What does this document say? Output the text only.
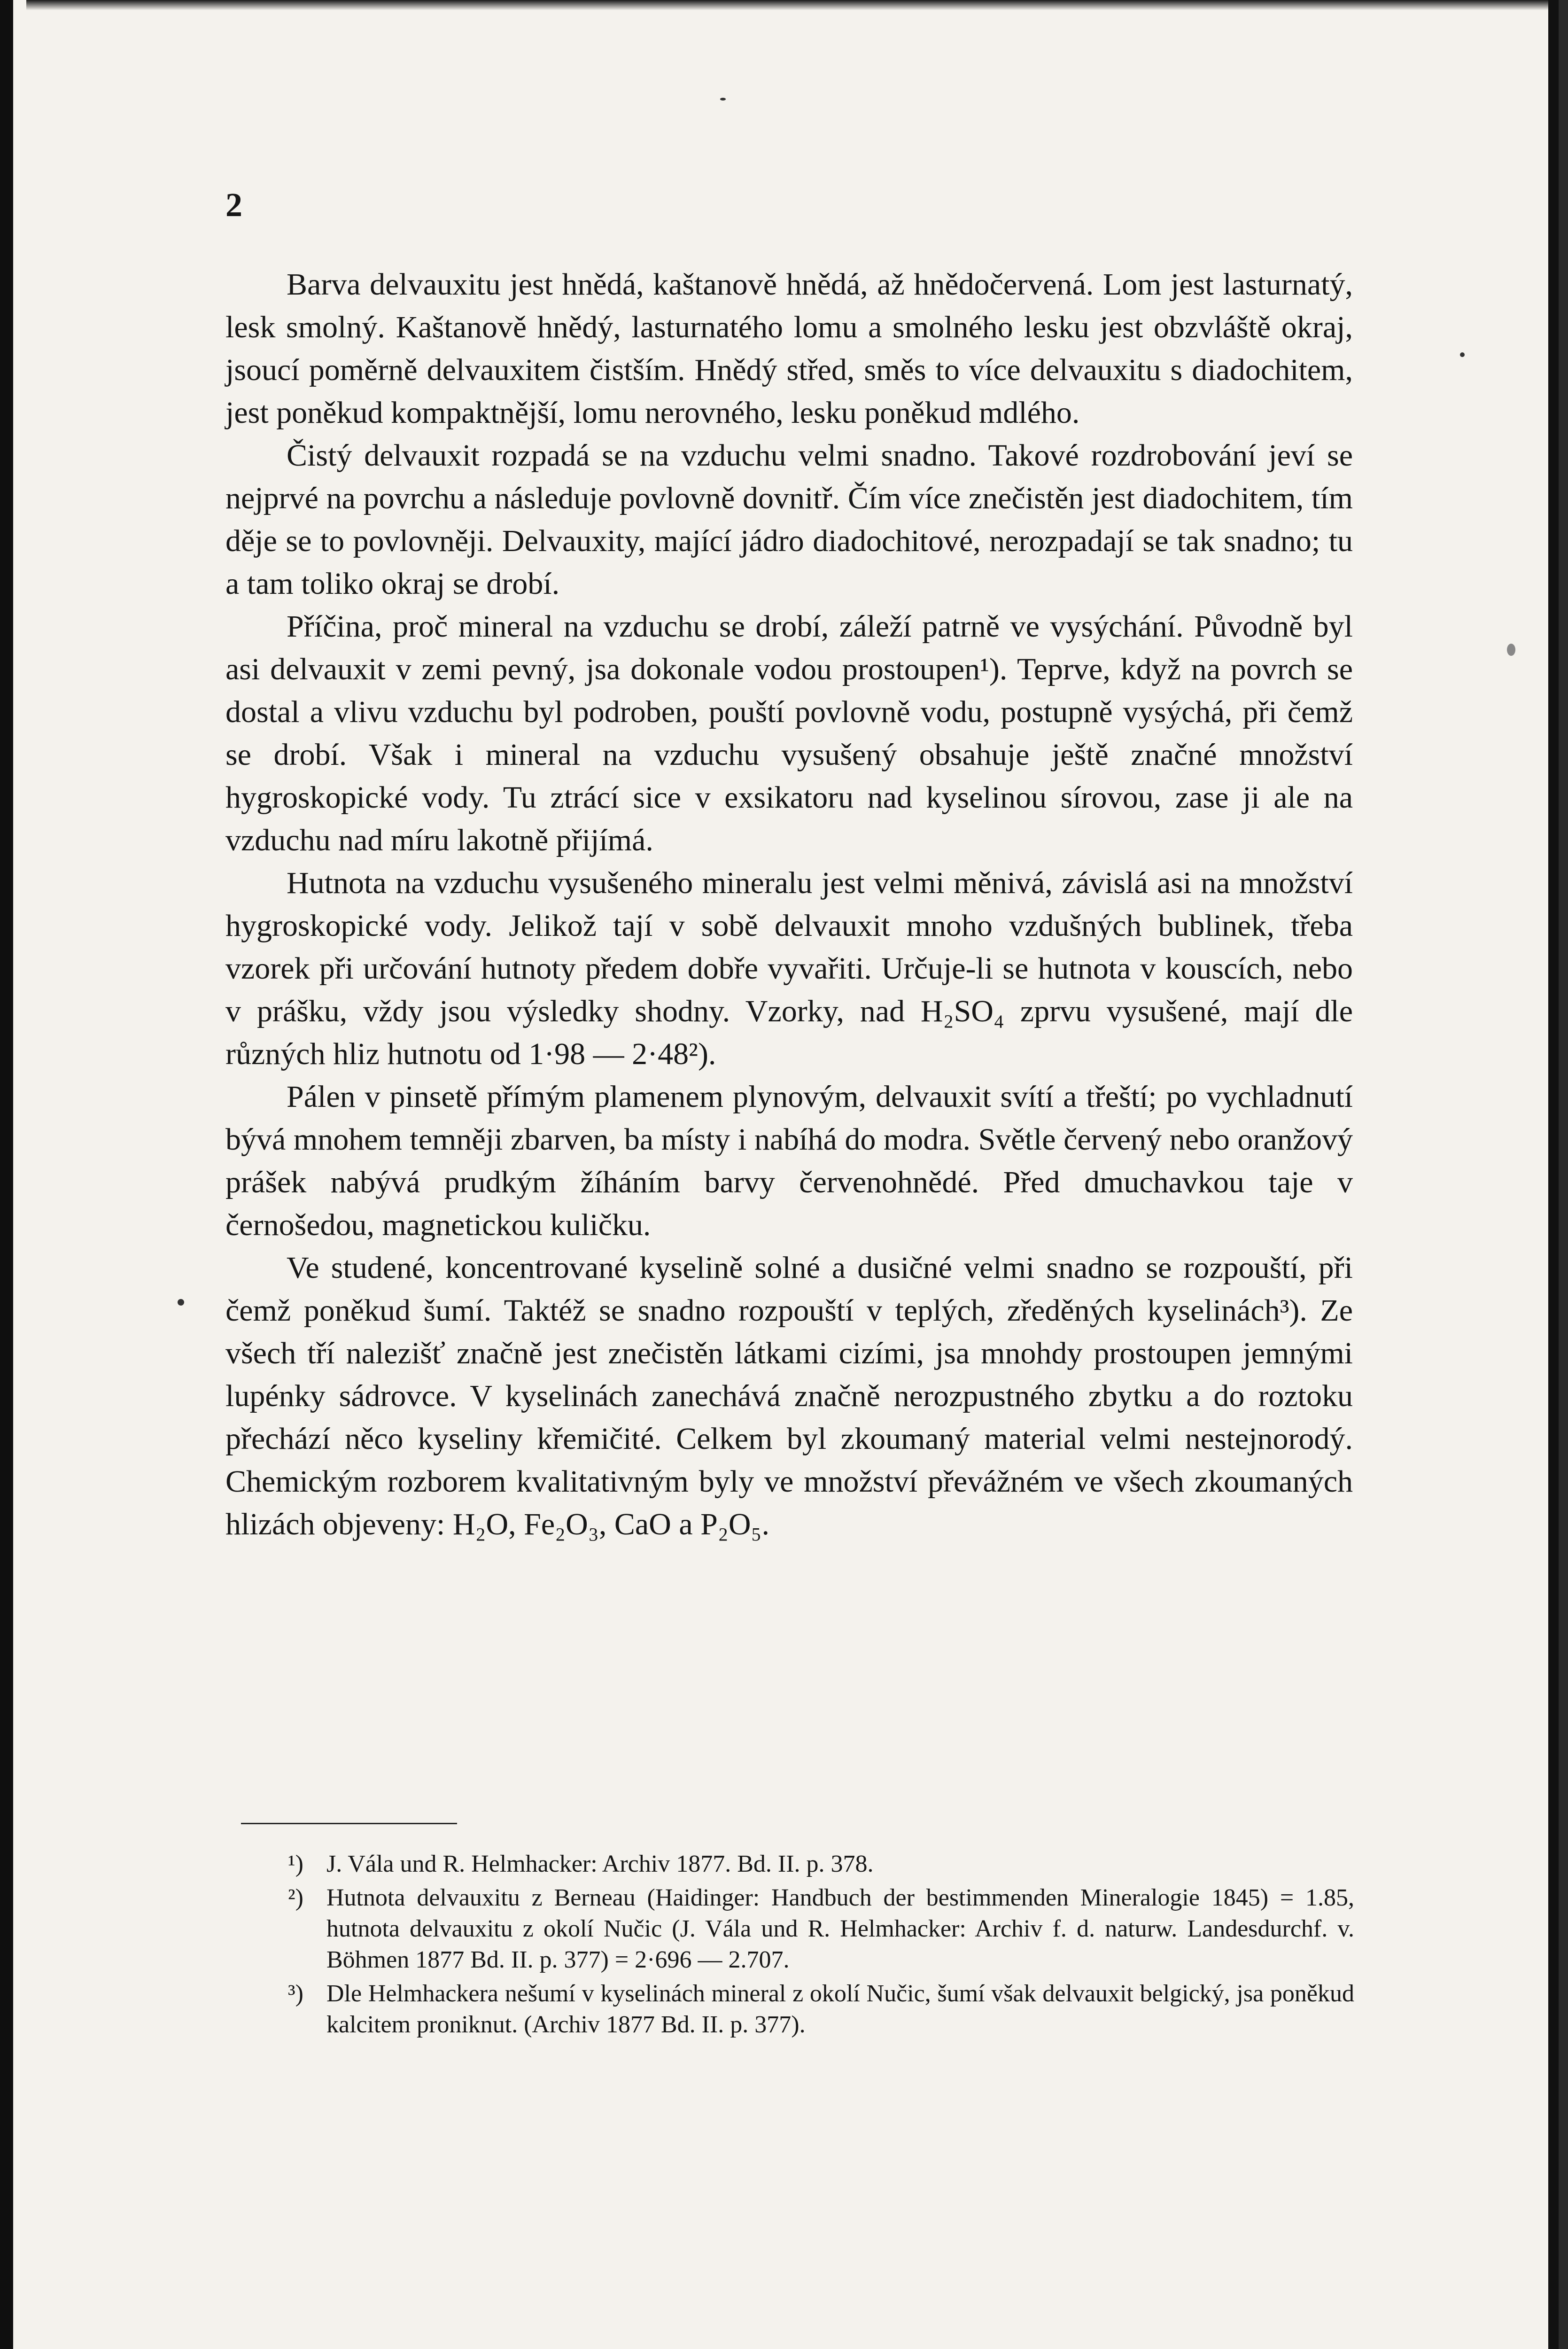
2

Barva delvauxitu jest hnědá, kaštanově hnědá, až hnědočervená. Lom jest lasturnatý, lesk smolný. Kaštanově hnědý, lasturnatého lomu a smolného lesku jest obzvláště okraj, jsoucí poměrně delvauxitem čistším. Hnědý střed, směs to více delvauxitu s diadochitem, jest poněkud kompaktnější, lomu nerovného, lesku poněkud mdlého.

Čistý delvauxit rozpadá se na vzduchu velmi snadno. Takové rozdrobování jeví se nejprvé na povrchu a následuje povlovně dovnitř. Čím více znečistěn jest diadochitem, tím děje se to povlovněji. Delvauxity, mající jádro diadochitové, nerozpadají se tak snadno; tu a tam toliko okraj se drobí.

Příčina, proč mineral na vzduchu se drobí, záleží patrně ve vysýchání. Původně byl asi delvauxit v zemi pevný, jsa dokonale vodou prostoupen¹). Teprve, když na povrch se dostal a vlivu vzduchu byl podroben, pouští povlovně vodu, postupně vysýchá, při čemž se drobí. Však i mineral na vzduchu vysušený obsahuje ještě značné množství hygroskopické vody. Tu ztrácí sice v exsikatoru nad kyselinou sírovou, zase ji ale na vzduchu nad míru lakotně přijímá.

Hutnota na vzduchu vysušeného mineralu jest velmi měnivá, závislá asi na množství hygroskopické vody. Jelikož tají v sobě delvauxit mnoho vzdušných bublinek, třeba vzorek při určování hutnoty předem dobře vyvařiti. Určuje-li se hutnota v kouscích, nebo v prášku, vždy jsou výsledky shodny. Vzorky, nad H₂SO₄ zprvu vysušené, mají dle různých hliz hutnotu od 1·98 — 2·48²).

Pálen v pinsetě přímým plamenem plynovým, delvauxit svítí a třeští; po vychladnutí bývá mnohem temněji zbarven, ba místy i nabíhá do modra. Světle červený nebo oranžový prášek nabývá prudkým žíháním barvy červenohnědé. Před dmuchavkou taje v černošedou, magnetickou kuličku.

Ve studené, koncentrované kyselině solné a dusičné velmi snadno se rozpouští, při čemž poněkud šumí. Taktéž se snadno rozpouští v teplých, zředěných kyselinách³). Ze všech tří nalezišť značně jest znečistěn látkami cizími, jsa mnohdy prostoupen jemnými lupénky sádrovce. V kyselinách zanechává značně nerozpustného zbytku a do roztoku přechází něco kyseliny křemičité. Celkem byl zkoumaný material velmi nestejnorodý. Chemickým rozborem kvalitativným byly ve množství převážném ve všech zkoumaných hlizách objeveny: H₂O, Fe₂O₃, CaO a P₂O₅.

¹) J. Vála und R. Helmhacker: Archiv 1877. Bd. II. p. 378.
²) Hutnota delvauxitu z Berneau (Haidinger: Handbuch der bestimmenden Mineralogie 1845) = 1.85, hutnota delvauxitu z okolí Nučic (J. Vála und R. Helmhacker: Archiv f. d. naturw. Landesdurchf. v. Böhmen 1877 Bd. II. p. 377) = 2·696 — 2.707.
³) Dle Helmhackera nešumí v kyselinách mineral z okolí Nučic, šumí však delvauxit belgický, jsa poněkud kalcitem proniknut. (Archiv 1877 Bd. II. p. 377).
